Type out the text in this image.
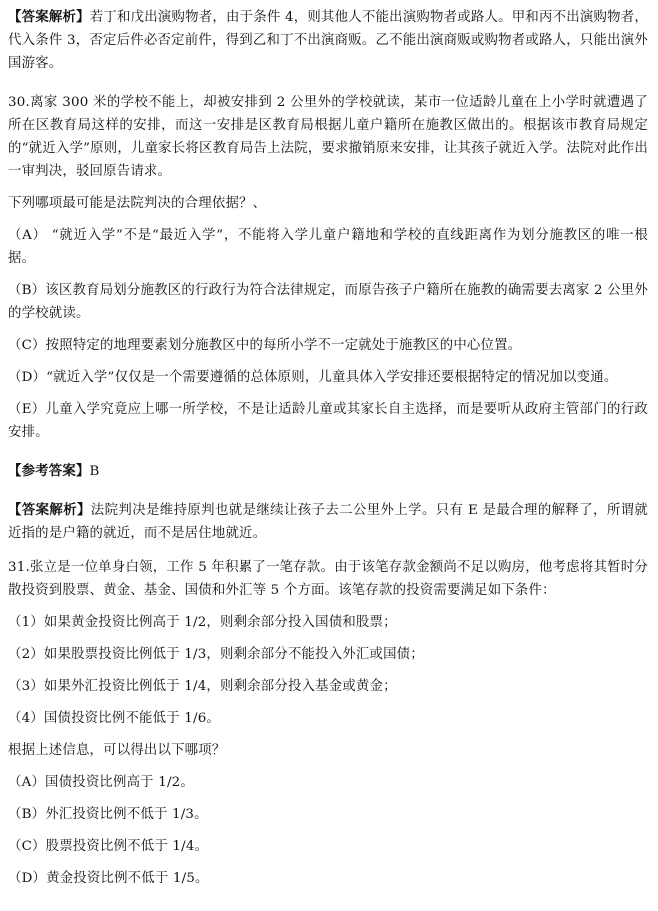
【答案解析】若丁和戊出演购物者，由于条件 4，则其他人不能出演购物者或路人。甲和丙不出演购物者，代入条件 3，否定后件必否定前件，得到乙和丁不出演商贩。乙不能出演商贩或购物者或路人，只能出演外国游客。

30.离家 300 米的学校不能上，却被安排到 2 公里外的学校就读，某市一位适龄儿童在上小学时就遭遇了所在区教育局这样的安排，而这一安排是区教育局根据儿童户籍所在施教区做出的。根据该市教育局规定的“就近入学”原则，儿童家长将区教育局告上法院，要求撤销原来安排，让其孩子就近入学。法院对此作出一审判决，驳回原告请求。

下列哪项最可能是法院判决的合理依据？、

（A） “就近入学”不是“最近入学”，不能将入学儿童户籍地和学校的直线距离作为划分施教区的唯一根据。

（B）该区教育局划分施教区的行政行为符合法律规定，而原告孩子户籍所在施教的确需要去离家 2 公里外的学校就读。

（C）按照特定的地理要素划分施教区中的每所小学不一定就处于施教区的中心位置。

（D）“就近入学”仅仅是一个需要遵循的总体原则，儿童具体入学安排还要根据特定的情况加以变通。

（E）儿童入学究竟应上哪一所学校，不是让适龄儿童或其家长自主选择，而是要听从政府主管部门的行政安排。

【参考答案】B

【答案解析】法院判决是维持原判也就是继续让孩子去二公里外上学。只有 E 是最合理的解释了，所谓就近指的是户籍的就近，而不是居住地就近。

31.张立是一位单身白领，工作 5 年积累了一笔存款。由于该笔存款金额尚不足以购房，他考虑将其暂时分散投资到股票、黄金、基金、国债和外汇等 5 个方面。该笔存款的投资需要满足如下条件：

（1）如果黄金投资比例高于 1/2，则剩余部分投入国债和股票；

（2）如果股票投资比例低于 1/3，则剩余部分不能投入外汇或国债；

（3）如果外汇投资比例低于 1/4，则剩余部分投入基金或黄金；

（4）国债投资比例不能低于 1/6。

根据上述信息，可以得出以下哪项？

（A）国债投资比例高于 1/2。

（B）外汇投资比例不低于 1/3。

（C）股票投资比例不低于 1/4。

（D）黄金投资比例不低于 1/5。
